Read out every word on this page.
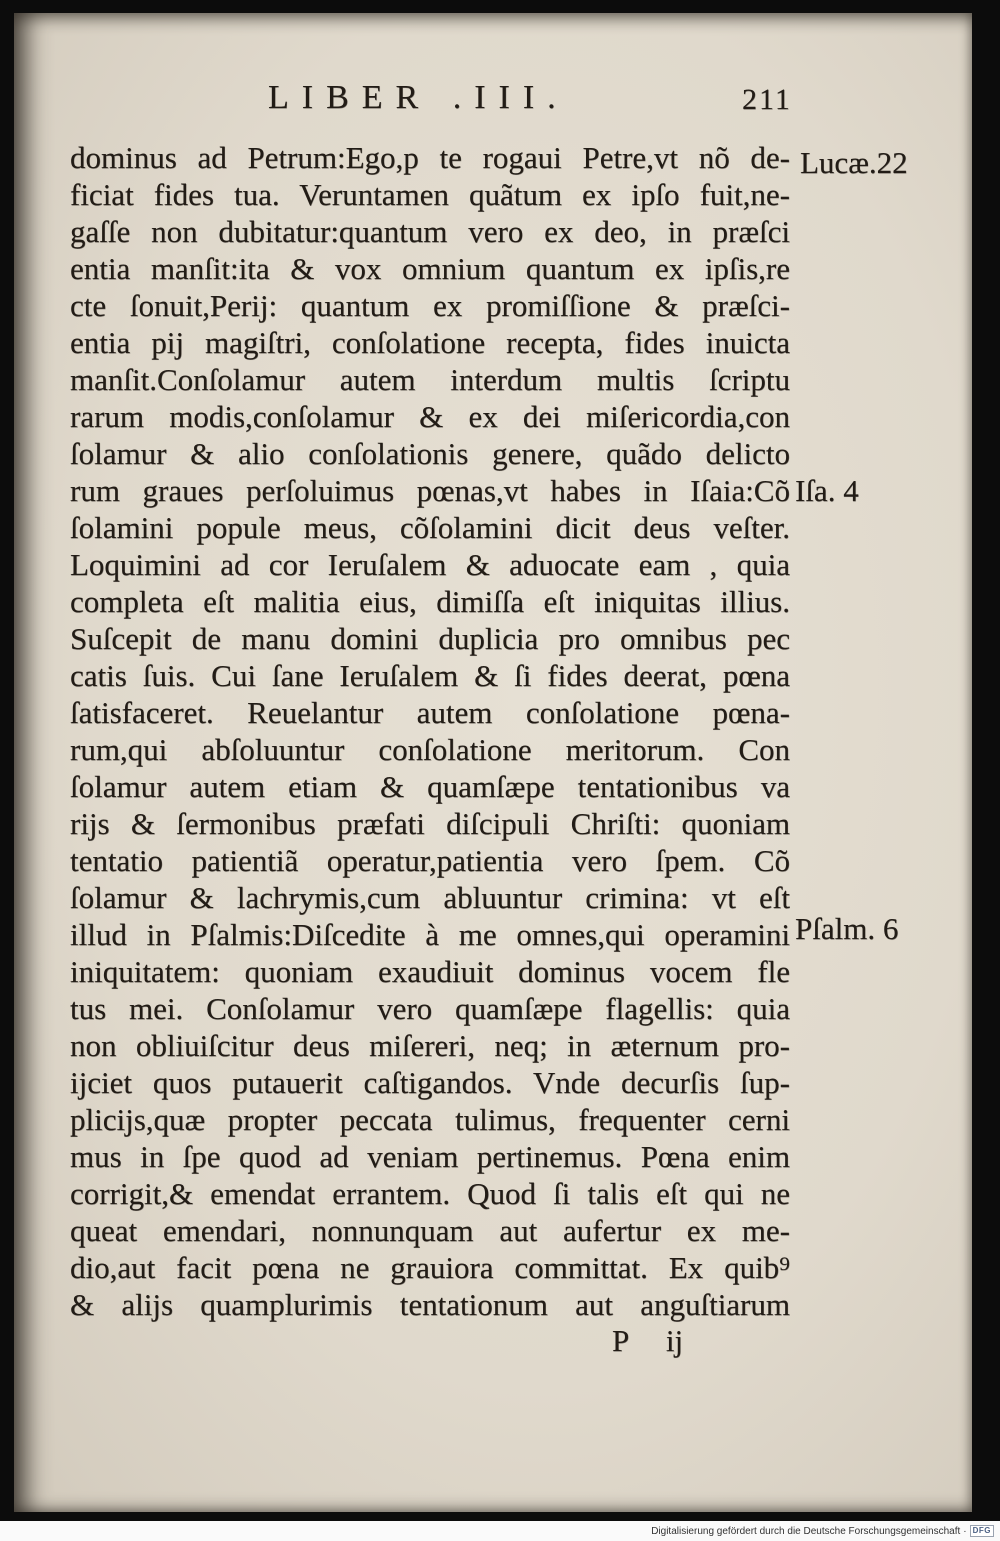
LIBER .III.	211
dominus ad Petrum:Ego,p te rogaui Petre,vt nõ de-
ficiat fides tua. Veruntamen quãtum ex ipſo fuit,ne-
gaſſe non dubitatur:quantum vero ex deo, in præſci
entia manſit:ita & vox omnium quantum ex ipſis,re
cte ſonuit,Perij: quantum ex promiſſione & præſci-
entia pij magiſtri, conſolatione recepta, fides inuicta
manſit.Conſolamur autem interdum multis ſcriptu
rarum modis,conſolamur & ex dei miſericordia,con
ſolamur & alio conſolationis genere, quãdo delicto
rum graues perſoluimus pœnas,vt habes in Iſaia:Cõ
ſolamini popule meus, cõſolamini dicit deus veſter.
Loquimini ad cor Ieruſalem & aduocate eam , quia
completa eſt malitia eius, dimiſſa eſt iniquitas illius.
Suſcepit de manu domini duplicia pro omnibus pec
catis ſuis. Cui ſane Ieruſalem & ſi fides deerat, pœna
ſatisfaceret. Reuelantur autem conſolatione pœna-
rum,qui abſoluuntur conſolatione meritorum. Con
ſolamur autem etiam & quamſæpe tentationibus va
rijs & ſermonibus præfati diſcipuli Chriſti: quoniam
tentatio patientiã operatur,patientia vero ſpem. Cõ
ſolamur & lachrymis,cum abluuntur crimina: vt eſt
illud in Pſalmis:Diſcedite à me omnes,qui operamini
iniquitatem: quoniam exaudiuit dominus vocem fle
tus mei. Conſolamur vero quamſæpe flagellis: quia
non obliuiſcitur deus miſereri, neq; in æternum pro-
ijciet quos putauerit caſtigandos. Vnde decurſis ſup-
plicijs,quæ propter peccata tulimus, frequenter cerni
mus in ſpe quod ad veniam pertinemus. Pœna enim
corrigit,& emendat errantem. Quod ſi talis eſt qui ne
queat emendari, nonnunquam aut aufertur ex me-
dio,aut facit pœna ne grauiora committat. Ex quib⁹
& alijs quamplurimis tentationum aut anguſtiarum
Lucæ.22
Iſa. 4
Pſalm. 6
P ij
Digitalisierung gefördert durch die Deutsche Forschungsgemeinschaft · DFG
